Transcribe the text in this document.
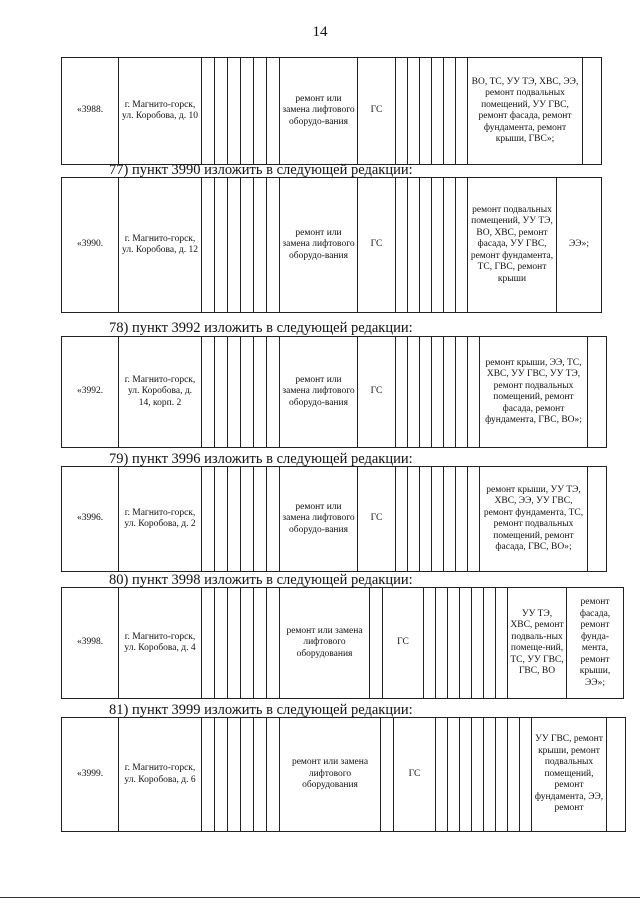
14
«3988.	г. Магнито-горск, ул. Коробова, д. 10							ремонт или замена лифтового оборудо-вания	ГС							ВО, ТС, УУ ТЭ, ХВС, ЭЭ, ремонт подвальных помещений, УУ ГВС, ремонт фасада, ремонт фундамента, ремонт крыши, ГВС»;	
77) пункт 3990 изложить в следующей редакции:
«3990.	г. Магнито-горск, ул. Коробова, д. 12							ремонт или замена лифтового оборудо-вания	ГС							ремонт подвальных помещений, УУ ТЭ, ВО, ХВС, ремонт фасада, УУ ГВС, ремонт фундамента, ТС, ГВС, ремонт крыши	ЭЭ»;
78) пункт 3992 изложить в следующей редакции:
«3992.	г. Магнито-горск, ул. Коробова, д. 14, корп. 2							ремонт или замена лифтового оборудо-вания	ГС								ремонт крыши, ЭЭ, ТС, ХВС, УУ ГВС, УУ ТЭ, ремонт подвальных помещений, ремонт фасада, ремонт фундамента, ГВС, ВО»;	
79) пункт 3996 изложить в следующей редакции:
«3996.	г. Магнито-горск, ул. Коробова, д. 2							ремонт или замена лифтового оборудо-вания	ГС								ремонт крыши, УУ ТЭ, ХВС, ЭЭ, УУ ГВС, ремонт фундамента, ТС, ремонт подвальных помещений, ремонт фасада, ГВС, ВО»;	
80) пункт 3998 изложить в следующей редакции:
«3998.	г. Магнито-горск, ул. Коробова, д. 4							ремонт или замена лифтового оборудования		ГС								УУ ТЭ, ХВС, ремонт подваль-ных помеще-ний, ТС, УУ ГВС, ГВС, ВО	ремонт фасада, ремонт фунда-мента, ремонт крыши, ЭЭ»;
81) пункт 3999 изложить в следующей редакции:
«3999.	г. Магнито-горск, ул. Коробова, д. 6							ремонт или замена лифтового оборудования		ГС									УУ ГВС, ремонт крыши, ремонт подвальных помещений, ремонт фундамента, ЭЭ, ремонт	
